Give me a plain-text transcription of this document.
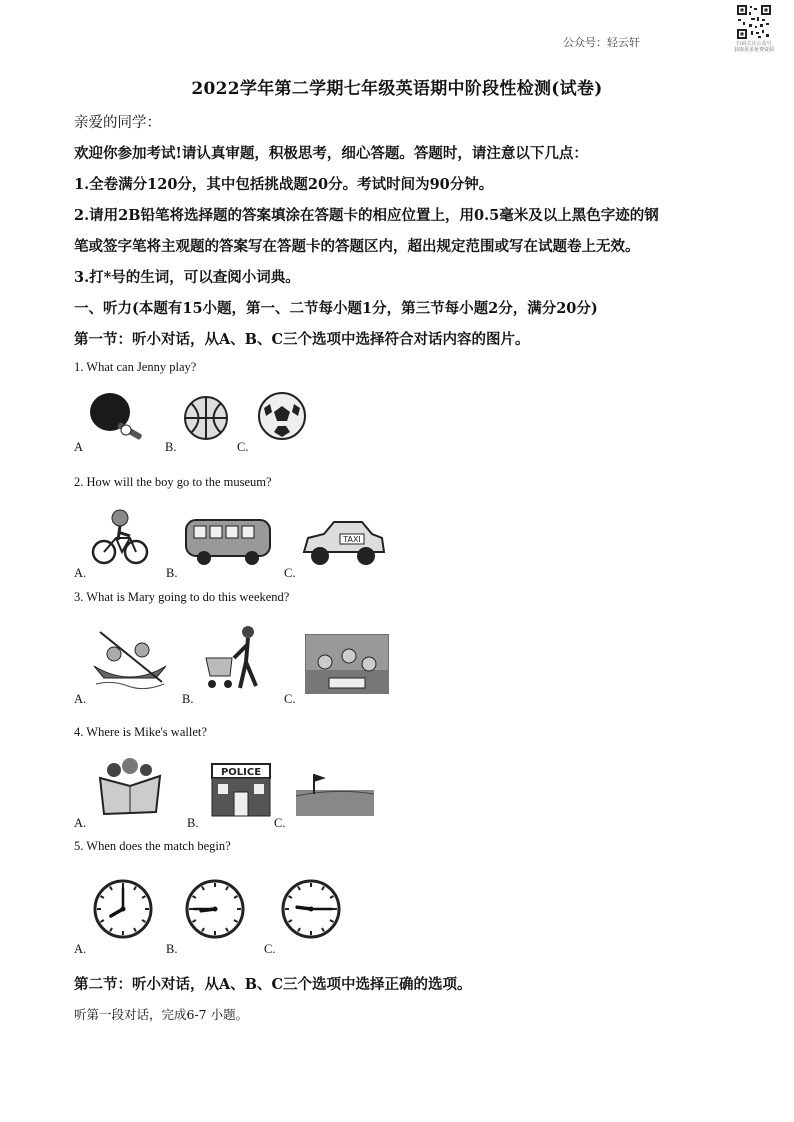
公众号：轻云轩	扫码关注公众号
获取更多免费资源
2022学年第二学期七年级英语期中阶段性检测(试卷)
亲爱的同学：
欢迎你参加考试!请认真审题，积极思考，细心答题。答题时，请注意以下几点：
1.全卷满分120分，其中包括挑战题20分。考试时间为90分钟。
2.请用2B铅笔将选择题的答案填涂在答题卡的相应位置上，用0.5毫米及以上黑色字迹的钢
笔或签字笔将主观题的答案写在答题卡的答题区内，超出规定范围或写在试题卷上无效。
3.打*号的生词，可以查阅小词典。
一、听力(本题有15小题，第一、二节每小题1分，第三节每小题2分，满分20分)
第一节：听小对话，从A、B、C三个选项中选择符合对话内容的图片。
1. What can Jenny play?
A	B.	C.
2. How will the boy go to the museum?
A.	B.
TAXI
C.
3. What is Mary going to do this weekend?
A.	B.	C.
4. Where is Mike's wallet?
A.
POLICE
B.	C.
5. When does the match begin?
A.	B.	C.
第二节：听小对话，从A、B、C三个选项中选择正确的选项。
听第一段对话，完成6-7 小题。
